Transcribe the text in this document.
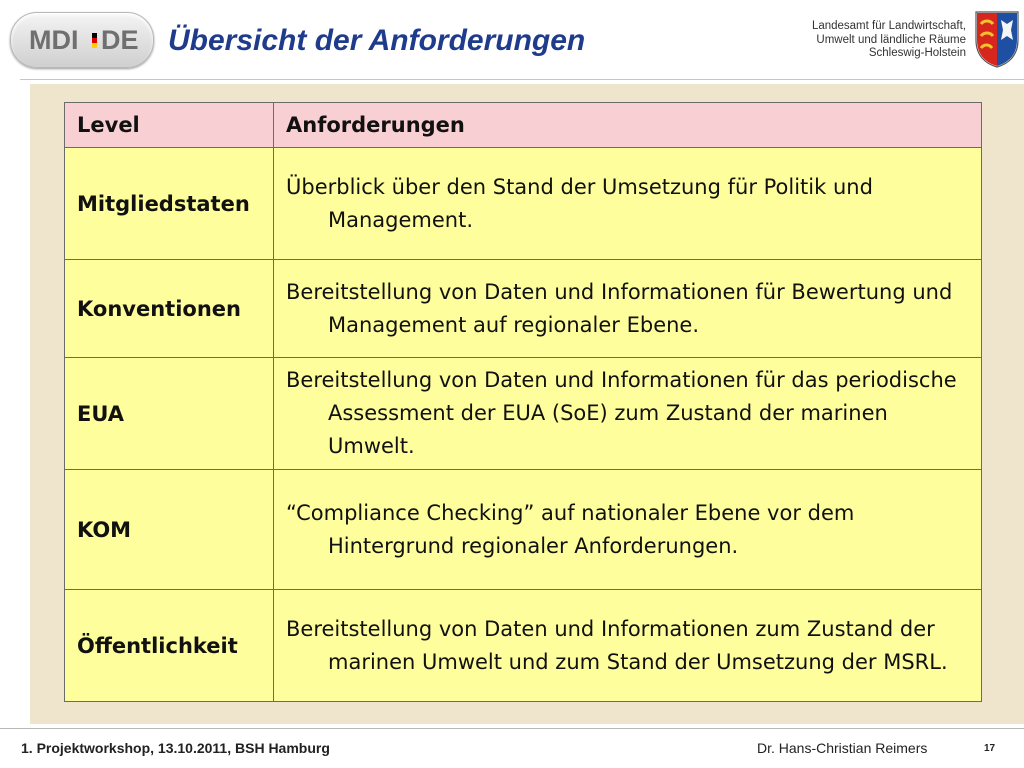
MDI DE Übersicht der Anforderungen	Landesamt für Landwirtschaft,
Umwelt und ländliche Räume
Schleswig-Holstein
Level	Anforderungen
Mitgliedstaten	Überblick über den Stand der Umsetzung für Politik und Management.

Konventionen	Bereitstellung von Daten und Informationen für Bewertung und Management auf regionaler Ebene.

EUA	Bereitstellung von Daten und Informationen für das periodische Assessment der EUA (SoE) zum Zustand der marinen Umwelt.

KOM	“Compliance Checking” auf nationaler Ebene vor dem Hintergrund regionaler Anforderungen.

Öffentlichkeit	Bereitstellung von Daten und Informationen zum Zustand der marinen Umwelt und zum Stand der Umsetzung der MSRL.
1. Projektworkshop, 13.10.2011, BSH Hamburg	Dr. Hans-Christian Reimers	17
